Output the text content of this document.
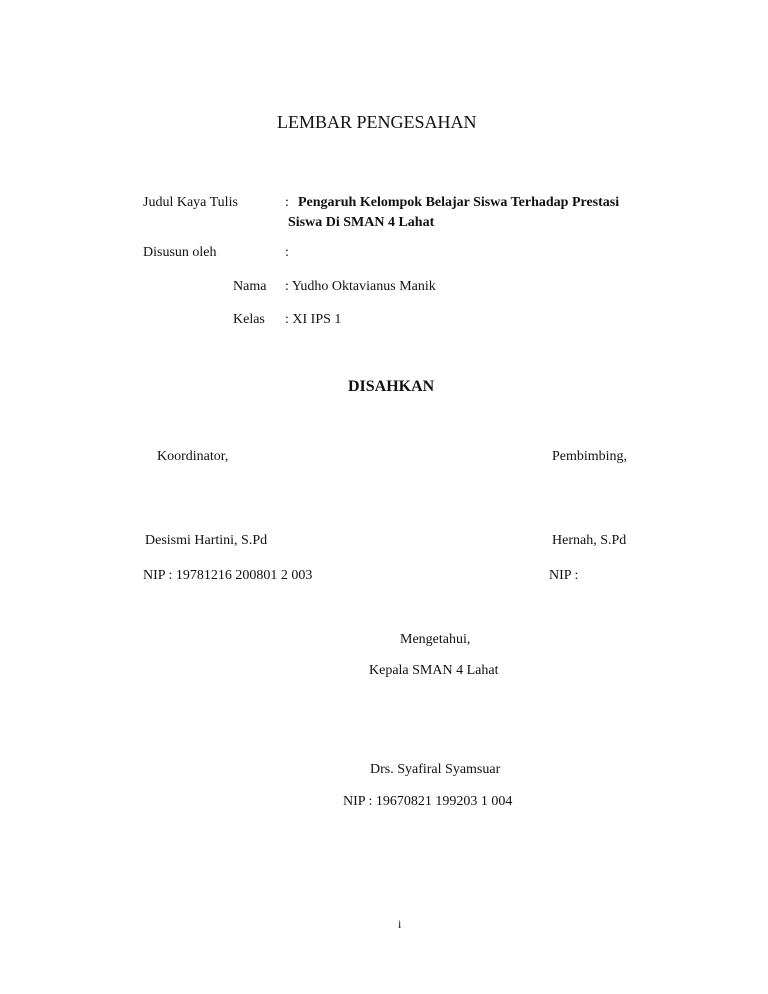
LEMBAR PENGESAHAN
Judul Kaya Tulis	: Pengaruh Kelompok Belajar Siswa Terhadap Prestasi
Siswa Di SMAN 4 Lahat
Disusun oleh	:
Nama : Yudho Oktavianus Manik
Kelas : XI IPS 1
DISAHKAN
Koordinator,	Pembimbing,
Desismi Hartini, S.Pd	Hernah, S.Pd
NIP : 19781216 200801 2 003	NIP :
Mengetahui,
Kepala SMAN 4 Lahat
Drs. Syafiral Syamsuar
NIP : 19670821 199203 1 004
i
